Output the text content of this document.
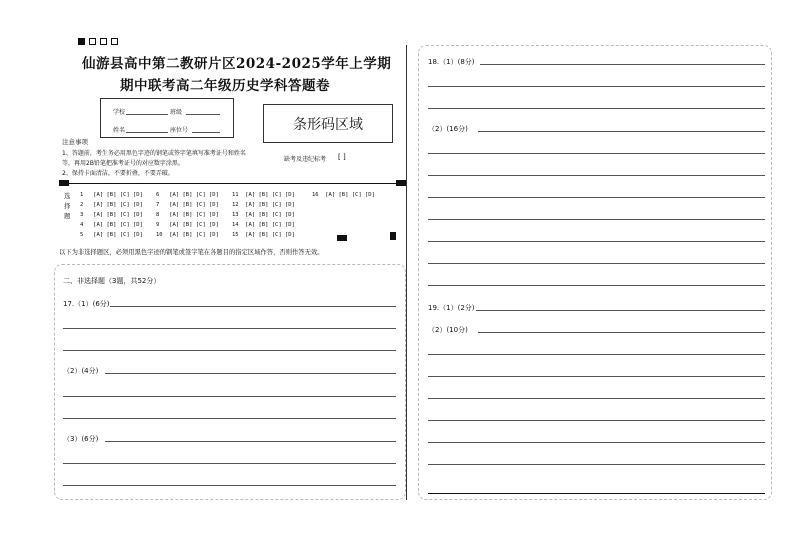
仙游县高中第二教研片区2024-2025学年上学期
期中联考高二年级历史学科答题卷
学校	班级
姓名	座位号	条形码区域
注意事项
1、答题前，考生务必用黑色字迹的钢笔或签字笔填写准考证号和姓名
等，再用2B铅笔把准考证号的对应数字涂黑。
2、保持卡面清洁，不要折叠，不要弄破。
缺考及违纪标考 [ ]
选择题
1   [A] [B] [C] [D]
2   [A] [B] [C] [D]
3   [A] [B] [C] [D]
4   [A] [B] [C] [D]
5   [A] [B] [C] [D]
6   [A] [B] [C] [D]
7   [A] [B] [C] [D]
8   [A] [B] [C] [D]
9   [A] [B] [C] [D]
10  [A] [B] [C] [D]
11  [A] [B] [C] [D]
12  [A] [B] [C] [D]
13  [A] [B] [C] [D]
14  [A] [B] [C] [D]
15  [A] [B] [C] [D]
16  [A] [B] [C] [D]
以下为非选择题区，必须用黑色字迹的钢笔或签字笔在各题目的指定区域作答，否则作答无效。
二、非选择题（3题，共52分）
17.（1）(6分)
（2）(4分)
（3）(6分)
18.（1）(8分)
（2）(16分)
19.（1）(2分)
（2）(10分)
